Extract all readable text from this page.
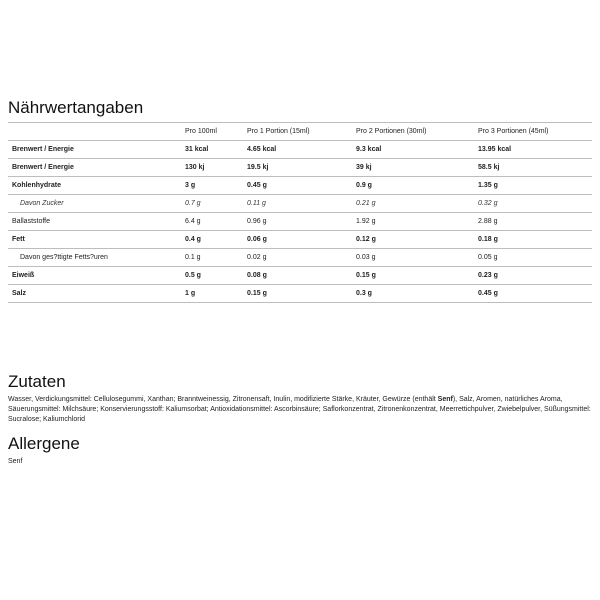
Nährwertangaben
	Pro 100ml	Pro 1 Portion (15ml)	Pro 2 Portionen (30ml)	Pro 3 Portionen (45ml)
Brenwert / Energie	31 kcal	4.65 kcal	9.3 kcal	13.95 kcal
Brenwert / Energie	130 kj	19.5 kj	39 kj	58.5 kj
Kohlenhydrate	3 g	0.45 g	0.9 g	1.35 g
Davon Zucker	0.7 g	0.11 g	0.21 g	0.32 g
Ballaststoffe	6.4 g	0.96 g	1.92 g	2.88 g
Fett	0.4 g	0.06 g	0.12 g	0.18 g
Davon ges?ttigte Fetts?uren	0.1 g	0.02 g	0.03 g	0.05 g
Eiweiß	0.5 g	0.08 g	0.15 g	0.23 g
Salz	1 g	0.15 g	0.3 g	0.45 g
Zutaten

Wasser, Verdickungsmittel: Cellulosegummi, Xanthan; Branntweinessig, Zitronensaft, Inulin, modifizierte Stärke, Kräuter, Gewürze (enthält Senf), Salz, Aromen, natürliches Aroma, Säuerungsmittel: Milchsäure; Konservierungsstoff: Kaliumsorbat; Antioxidationsmittel: Ascorbinsäure; Saflorkonzentrat, Zitronenkonzentrat, Meerrettichpulver, Zwiebelpulver, Süßungsmittel: Sucralose; Kaliumchlorid

Allergene

Senf
